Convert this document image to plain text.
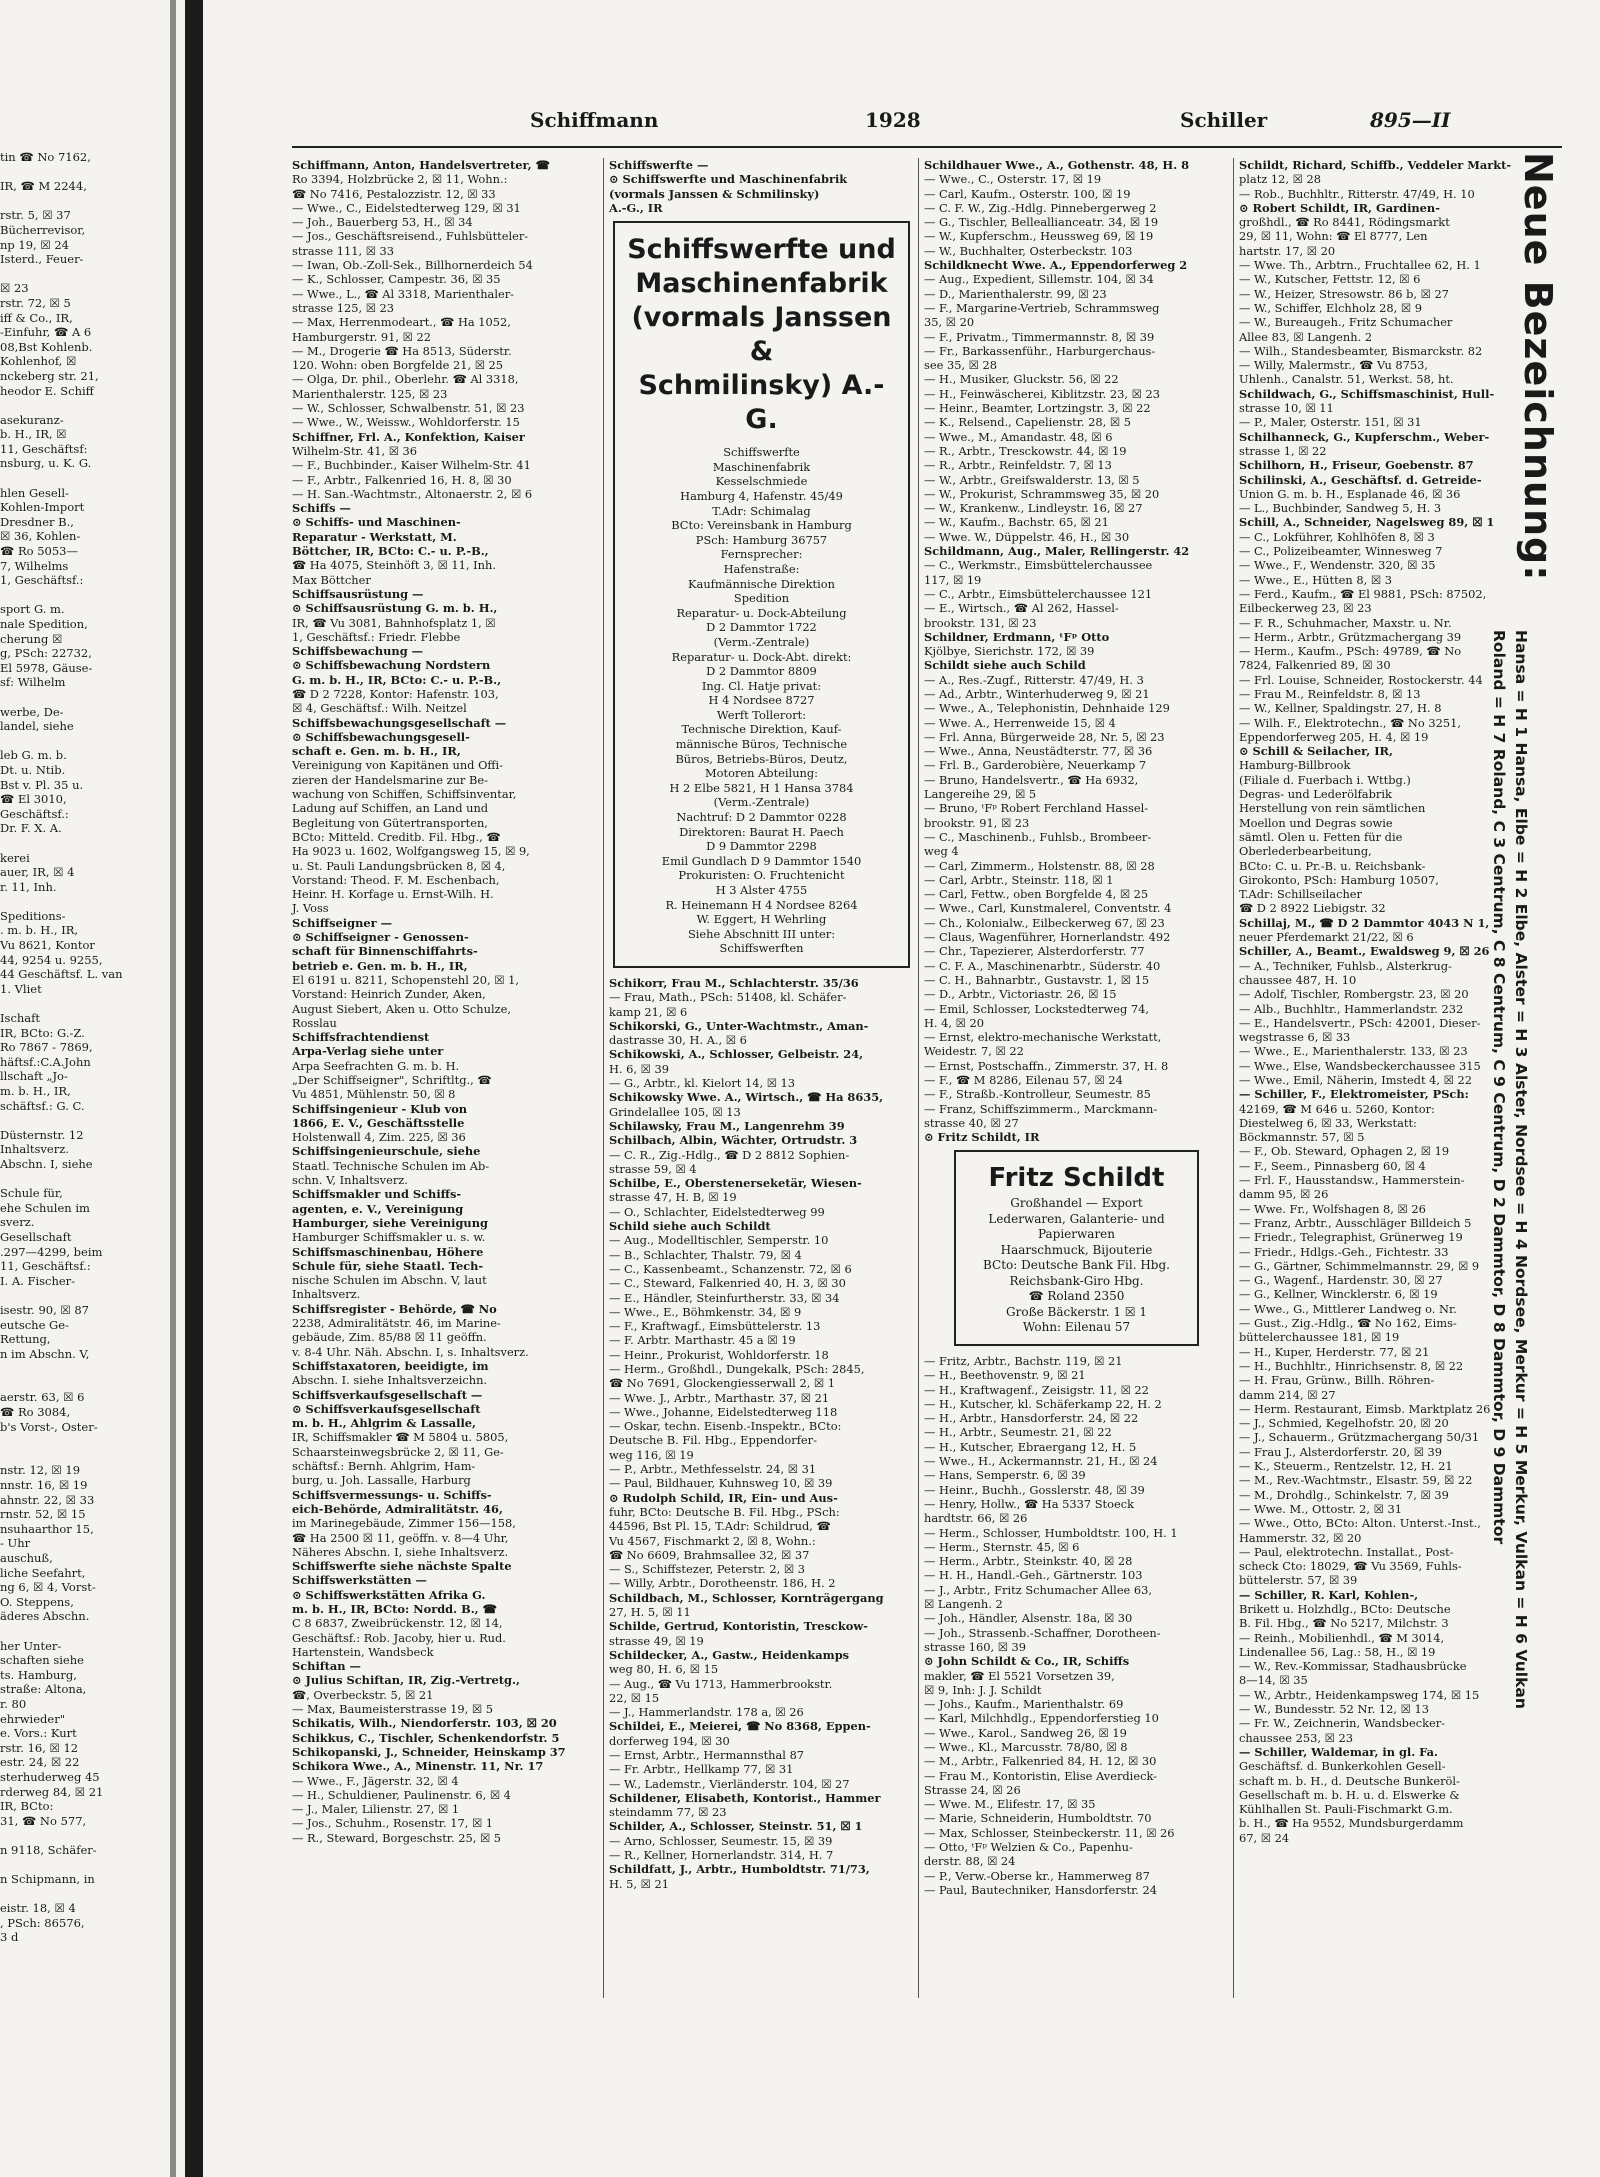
tin ☎ No 7162,

IR, ☎ M 2244,

rstr. 5, ☒ 37
Bücherrevisor,
np 19, ☒ 24
Isterd., Feuer-

☒ 23
rstr. 72, ☒ 5
iff & Co., IR,
-Einfuhr, ☎ A 6
08,Bst Kohlenb.
Kohlenhof, ☒
nckeberg str. 21,
heodor E. Schiff

asekuranz-
b. H., IR, ☒
11, Geschäftsf:
nsburg, u. K. G.

hlen Gesell-
Kohlen-Import
Dresdner B.,
☒ 36, Kohlen-
☎ Ro 5053—
7, Wilhelms
1, Geschäftsf.:

sport G. m.
nale Spedition,
cherung ☒
g, PSch: 22732,
El 5978, Gäuse-
sf: Wilhelm

werbe, De-
landel, siehe

leb G. m. b.
Dt. u. Ntib.
Bst v. Pl. 35 u.
☎ El 3010,
Geschäftsf.:
Dr. F. X. A.

kerei
auer, IR, ☒ 4
r. 11, Inh.

Speditions-
. m. b. H., IR,
Vu 8621, Kontor
44, 9254 u. 9255,
44 Geschäftsf. L. van
1. Vliet

Ischaft
IR, BCto: G.-Z.
Ro 7867 - 7869,
häftsf.:C.A.John
llschaft „Jo-
m. b. H., IR,
schäftsf.: G. C.

Düsternstr. 12
Inhaltsverz.
Abschn. I, siehe

Schule für,
ehe Schulen im
sverz.
Gesellschaft
.297—4299, beim
11, Geschäftsf.:
I. A. Fischer-

isestr. 90, ☒ 87
eutsche Ge-
Rettung,
n im Abschn. V,

aerstr. 63, ☒ 6
☎ Ro 3084,
b's Vorst-, Oster-

nstr. 12, ☒ 19
nnstr. 16, ☒ 19
ahnstr. 22, ☒ 33
rnstr. 52, ☒ 15
nsuhaarthor 15,
- Uhr
auschuß,
liche Seefahrt,
ng 6, ☒ 4, Vorst-
O. Steppens,
äderes Abschn.

her Unter-
schaften siehe
ts. Hamburg,
straße: Altona,
r. 80
ehrwieder"
e. Vors.: Kurt
rstr. 16, ☒ 12
estr. 24, ☒ 22
sterhuderweg 45
rderweg 84, ☒ 21
IR, BCto:
31, ☎ No 577,

n 9118, Schäfer-

n Schipmann, in

eistr. 18, ☒ 4
, PSch: 86576,
3 d
Schiffmann	1928	Schiller	895—II
Schiffmann, Anton, Handelsvertreter, ☎
Ro 3394, Holzbrücke 2, ☒ 11, Wohn.:
☎ No 7416, Pestalozzistr. 12, ☒ 33
— Wwe., C., Eidelstedterweg 129, ☒ 31
— Joh., Bauerberg 53, H., ☒ 34
— Jos., Geschäftsreisend., Fuhlsbütteler-
strasse 111, ☒ 33
— Iwan, Ob.-Zoll-Sek., Billhornerdeich 54
— K., Schlosser, Campestr. 36, ☒ 35
— Wwe., L., ☎ Al 3318, Marienthaler-
strasse 125, ☒ 23
— Max, Herrenmodeart., ☎ Ha 1052,
Hamburgerstr. 91, ☒ 22
— M., Drogerie ☎ Ha 8513, Süderstr.
120. Wohn: oben Borgfelde 21, ☒ 25
— Olga, Dr. phil., Oberlehr. ☎ Al 3318,
Marienthalerstr. 125, ☒ 23
— W., Schlosser, Schwalbenstr. 51, ☒ 23
— Wwe., W., Weissw., Wohldorferstr. 15
Schiffner, Frl. A., Konfektion, Kaiser
Wilhelm-Str. 41, ☒ 36
— F., Buchbinder., Kaiser Wilhelm-Str. 41
— F., Arbtr., Falkenried 16, H. 8, ☒ 30
— H. San.-Wachtmstr., Altonaerstr. 2, ☒ 6
Schiffs —
⊙ Schiffs- und Maschinen-
Reparatur - Werkstatt, M.
Böttcher, IR, BCto: C.- u. P.-B.,
☎ Ha 4075, Steinhöft 3, ☒ 11, Inh.
Max Böttcher
Schiffsausrüstung —
⊙ Schiffsausrüstung G. m. b. H.,
IR, ☎ Vu 3081, Bahnhofsplatz 1, ☒
1, Geschäftsf.: Friedr. Flebbe
Schiffsbewachung —
⊙ Schiffsbewachung Nordstern
G. m. b. H., IR, BCto: C.- u. P.-B.,
☎ D 2 7228, Kontor: Hafenstr. 103,
☒ 4, Geschäftsf.: Wilh. Neitzel
Schiffsbewachungsgesellschaft —
⊙ Schiffsbewachungsgesell-
schaft e. Gen. m. b. H., IR,
Vereinigung von Kapitänen und Offi-
zieren der Handelsmarine zur Be-
wachung von Schiffen, Schiffsinventar,
Ladung auf Schiffen, an Land und
Begleitung von Gütertransporten,
BCto: Mitteld. Creditb. Fil. Hbg., ☎
Ha 9023 u. 1602, Wolfgangsweg 15, ☒ 9,
u. St. Pauli Landungsbrücken 8, ☒ 4,
Vorstand: Theod. F. M. Eschenbach,
Heinr. H. Korfage u. Ernst-Wilh. H.
J. Voss
Schiffseigner —
⊙ Schiffseigner - Genossen-
schaft für Binnenschiffahrts-
betrieb e. Gen. m. b. H., IR,
El 6191 u. 8211, Schopenstehl 20, ☒ 1,
Vorstand: Heinrich Zunder, Aken,
August Siebert, Aken u. Otto Schulze,
Rosslau
Schiffsfrachtendienst
Arpa-Verlag siehe unter
Arpa Seefrachten G. m. b. H.
„Der Schiffseigner", Schriftltg., ☎
Vu 4851, Mühlenstr. 50, ☒ 8
Schiffsingenieur - Klub von
1866, E. V., Geschäftsstelle
Holstenwall 4, Zim. 225, ☒ 36
Schiffsingenieurschule, siehe
Staatl. Technische Schulen im Ab-
schn. V, Inhaltsverz.
Schiffsmakler und Schiffs-
agenten, e. V., Vereinigung
Hamburger, siehe Vereinigung
Hamburger Schiffsmakler u. s. w.
Schiffsmaschinenbau, Höhere
Schule für, siehe Staatl. Tech-
nische Schulen im Abschn. V, laut
Inhaltsverz.
Schiffsregister - Behörde, ☎ No
2238, Admiralitätstr. 46, im Marine-
gebäude, Zim. 85/88 ☒ 11 geöffn.
v. 8-4 Uhr. Näh. Abschn. I, s. Inhaltsverz.
Schiffstaxatoren, beeidigte, im
Abschn. I. siehe Inhaltsverzeichn.
Schiffsverkaufsgesellschaft —
⊙ Schiffsverkaufsgesellschaft
m. b. H., Ahlgrim & Lassalle,
IR, Schiffsmakler ☎ M 5804 u. 5805,
Schaarsteinwegsbrücke 2, ☒ 11, Ge-
schäftsf.: Bernh. Ahlgrim, Ham-
burg, u. Joh. Lassalle, Harburg
Schiffsvermessungs- u. Schiffs-
eich-Behörde, Admiralitätstr. 46,
im Marinegebäude, Zimmer 156—158,
☎ Ha 2500 ☒ 11, geöffn. v. 8—4 Uhr,
Näheres Abschn. I, siehe Inhaltsverz.
Schiffswerfte siehe nächste Spalte
Schiffswerkstätten —
⊙ Schiffswerkstätten Afrika G.
m. b. H., IR, BCto: Nordd. B., ☎
C 8 6837, Zweibrückenstr. 12, ☒ 14,
Geschäftsf.: Rob. Jacoby, hier u. Rud.
Hartenstein, Wandsbeck
Schiftan —
⊙ Julius Schiftan, IR, Zig.-Vertretg.,
☎, Overbeckstr. 5, ☒ 21
— Max, Baumeisterstrasse 19, ☒ 5
Schikatis, Wilh., Niendorferstr. 103, ☒ 20
Schikkus, C., Tischler, Schenkendorfstr. 5
Schikopanski, J., Schneider, Heinskamp 37
Schikora Wwe., A., Minenstr. 11, Nr. 17
— Wwe., F., Jägerstr. 32, ☒ 4
— H., Schuldiener, Paulinenstr. 6, ☒ 4
— J., Maler, Lilienstr. 27, ☒ 1
— Jos., Schuhm., Rosenstr. 17, ☒ 1
— R., Steward, Borgeschstr. 25, ☒ 5
Schiffswerfte —
⊙ Schiffswerfte und Maschinenfabrik
(vormals Janssen & Schmilinsky)
A.-G., IR
Schiffswerfte und
Maschinenfabrik
(vormals Janssen &
Schmilinsky) A.-G.
Schiffswerfte
Maschinenfabrik
Kesselschmiede
Hamburg 4, Hafenstr. 45/49
T.Adr: Schimalag
BCto: Vereinsbank in Hamburg
PSch: Hamburg 36757
Fernsprecher:
Hafenstraße:
Kaufmännische Direktion
Spedition
Reparatur- u. Dock-Abteilung
D 2 Dammtor 1722
(Verm.-Zentrale)
Reparatur- u. Dock-Abt. direkt:
D 2 Dammtor 8809
Ing. Cl. Hatje privat:
H 4 Nordsee 8727
Werft Tollerort:
Technische Direktion, Kauf-
männische Büros, Technische
Büros, Betriebs-Büros, Deutz,
Motoren Abteilung:
H 2 Elbe 5821, H 1 Hansa 3784
(Verm.-Zentrale)
Nachtruf: D 2 Dammtor 0228
Direktoren: Baurat H. Paech
D 9 Dammtor 2298
Emil Gundlach D 9 Dammtor 1540
Prokuristen: O. Fruchtenicht
H 3 Alster 4755
R. Heinemann H 4 Nordsee 8264
W. Eggert, H Wehrling
Siehe Abschnitt III unter:
Schiffswerften
Schikorr, Frau M., Schlachterstr. 35/36
— Frau, Math., PSch: 51408, kl. Schäfer-
kamp 21, ☒ 6
Schikorski, G., Unter-Wachtmstr., Aman-
dastrasse 30, H. A., ☒ 6
Schikowski, A., Schlosser, Gelbeistr. 24,
H. 6, ☒ 39
— G., Arbtr., kl. Kielort 14, ☒ 13
Schikowsky Wwe. A., Wirtsch., ☎ Ha 8635,
Grindelallee 105, ☒ 13
Schilawsky, Frau M., Langenrehm 39
Schilbach, Albin, Wächter, Ortrudstr. 3
— C. R., Zig.-Hdlg., ☎ D 2 8812 Sophien-
strasse 59, ☒ 4
Schilbe, E., Oberstenerseketär, Wiesen-
strasse 47, H. B, ☒ 19
— O., Schlachter, Eidelstedterweg 99
Schild siehe auch Schildt
— Aug., Modelltischler, Semperstr. 10
— B., Schlachter, Thalstr. 79, ☒ 4
— C., Kassenbeamt., Schanzenstr. 72, ☒ 6
— C., Steward, Falkenried 40, H. 3, ☒ 30
— E., Händler, Steinfurtherstr. 33, ☒ 34
— Wwe., E., Böhmkenstr. 34, ☒ 9
— F., Kraftwagf., Eimsbüttelerstr. 13
— F. Arbtr. Marthastr. 45 a ☒ 19
— Heinr., Prokurist, Wohldorferstr. 18
— Herm., Großhdl., Dungekalk, PSch: 2845,
☎ No 7691, Glockengiesserwall 2, ☒ 1
— Wwe. J., Arbtr., Marthastr. 37, ☒ 21
— Wwe., Johanne, Eidelstedterweg 118
— Oskar, techn. Eisenb.-Inspektr., BCto:
Deutsche B. Fil. Hbg., Eppendorfer-
weg 116, ☒ 19
— P., Arbtr., Methfesselstr. 24, ☒ 31
— Paul, Bildhauer, Kuhnsweg 10, ☒ 39
⊙ Rudolph Schild, IR, Ein- und Aus-
fuhr, BCto: Deutsche B. Fil. Hbg., PSch:
44596, Bst Pl. 15, T.Adr: Schildrud, ☎
Vu 4567, Fischmarkt 2, ☒ 8, Wohn.:
☎ No 6609, Brahmsallee 32, ☒ 37
— S., Schiffstezer, Peterstr. 2, ☒ 3
— Willy, Arbtr., Dorotheenstr. 186, H. 2
Schildbach, M., Schlosser, Kornträgergang
27, H. 5, ☒ 11
Schilde, Gertrud, Kontoristin, Tresckow-
strasse 49, ☒ 19
Schildecker, A., Gastw., Heidenkamps
weg 80, H. 6, ☒ 15
— Aug., ☎ Vu 1713, Hammerbrookstr.
22, ☒ 15
— J., Hammerlandstr. 178 a, ☒ 26
Schildei, E., Meierei, ☎ No 8368, Eppen-
dorferweg 194, ☒ 30
— Ernst, Arbtr., Hermannsthal 87
— Fr. Arbtr., Hellkamp 77, ☒ 31
— W., Lademstr., Vierländerstr. 104, ☒ 27
Schildener, Elisabeth, Kontorist., Hammer
steindamm 77, ☒ 23
Schilder, A., Schlosser, Steinstr. 51, ☒ 1
— Arno, Schlosser, Seumestr. 15, ☒ 39
— R., Kellner, Hornerlandstr. 314, H. 7
Schildfatt, J., Arbtr., Humboldtstr. 71/73,
H. 5, ☒ 21
Schildhauer Wwe., A., Gothenstr. 48, H. 8
— Wwe., C., Osterstr. 17, ☒ 19
— Carl, Kaufm., Osterstr. 100, ☒ 19
— C. F. W., Zig.-Hdlg. Pinnebergerweg 2
— G., Tischler, Belleallianceatr. 34, ☒ 19
— W., Kupferschm., Heussweg 69, ☒ 19
— W., Buchhalter, Osterbeckstr. 103
Schildknecht Wwe. A., Eppendorferweg 2
— Aug., Expedient, Sillemstr. 104, ☒ 34
— D., Marienthalerstr. 99, ☒ 23
— F., Margarine-Vertrieb, Schrammsweg
35, ☒ 20
— F., Privatm., Timmermannstr. 8, ☒ 39
— Fr., Barkassenführ., Harburgerchaus-
see 35, ☒ 28
— H., Musiker, Gluckstr. 56, ☒ 22
— H., Feinwäscherei, Kiblitzstr. 23, ☒ 23
— Heinr., Beamter, Lortzingstr. 3, ☒ 22
— K., Relsend., Capelienstr. 28, ☒ 5
— Wwe., M., Amandastr. 48, ☒ 6
— R., Arbtr., Tresckowstr. 44, ☒ 19
— R., Arbtr., Reinfeldstr. 7, ☒ 13
— W., Arbtr., Greifswalderstr. 13, ☒ 5
— W., Prokurist, Schrammsweg 35, ☒ 20
— W., Krankenw., Lindleystr. 16, ☒ 27
— W., Kaufm., Bachstr. 65, ☒ 21
— Wwe. W., Düppelstr. 46, H., ☒ 30
Schildmann, Aug., Maler, Rellingerstr. 42
— C., Werkmstr., Eimsbüttelerchaussee
117, ☒ 19
— C., Arbtr., Eimsbüttelerchaussee 121
— E., Wirtsch., ☎ Al 262, Hassel-
brookstr. 131, ☒ 23
Schildner, Erdmann, ᵗFᵖ Otto
Kjölbye, Sierichstr. 172, ☒ 39
Schildt siehe auch Schild
— A., Res.-Zugf., Ritterstr. 47/49, H. 3
— Ad., Arbtr., Winterhuderweg 9, ☒ 21
— Wwe., A., Telephonistin, Dehnhaide 129
— Wwe. A., Herrenweide 15, ☒ 4
— Frl. Anna, Bürgerweide 28, Nr. 5, ☒ 23
— Wwe., Anna, Neustädterstr. 77, ☒ 36
— Frl. B., Garderobière, Neuerkamp 7
— Bruno, Handelsvertr., ☎ Ha 6932,
Langereihe 29, ☒ 5
— Bruno, ᵗFᵖ Robert Ferchland Hassel-
brookstr. 91, ☒ 23
— C., Maschinenb., Fuhlsb., Brombeer-
weg 4
— Carl, Zimmerm., Holstenstr. 88, ☒ 28
— Carl, Arbtr., Steinstr. 118, ☒ 1
— Carl, Fettw., oben Borgfelde 4, ☒ 25
— Wwe., Carl, Kunstmalerel, Conventstr. 4
— Ch., Kolonialw., Eilbeckerweg 67, ☒ 23
— Claus, Wagenführer, Hornerlandstr. 492
— Chr., Tapezierer, Alsterdorferstr. 77
— C. F. A., Maschinenarbtr., Süderstr. 40
— C. H., Bahnarbtr., Gustavstr. 1, ☒ 15
— D., Arbtr., Victoriastr. 26, ☒ 15
— Emil, Schlosser, Lockstedterweg 74,
H. 4, ☒ 20
— Ernst, elektro-mechanische Werkstatt,
Weidestr. 7, ☒ 22
— Ernst, Postschaffn., Zimmerstr. 37, H. 8
— F., ☎ M 8286, Eilenau 57, ☒ 24
— F., Straßb.-Kontrolleur, Seumestr. 85
— Franz, Schiffszimmerm., Marckmann-
strasse 40, ☒ 27
⊙ Fritz Schildt, IR
Fritz Schildt
Großhandel — Export
Lederwaren, Galanterie- und
Papierwaren
Haarschmuck, Bijouterie
BCto: Deutsche Bank Fil. Hbg.
Reichsbank-Giro Hbg.
☎ Roland 2350
Große Bäckerstr. 1 ☒ 1
Wohn: Eilenau 57
— Fritz, Arbtr., Bachstr. 119, ☒ 21
— H., Beethovenstr. 9, ☒ 21
— H., Kraftwagenf., Zeisigstr. 11, ☒ 22
— H., Kutscher, kl. Schäferkamp 22, H. 2
— H., Arbtr., Hansdorferstr. 24, ☒ 22
— H., Arbtr., Seumestr. 21, ☒ 22
— H., Kutscher, Ebraergang 12, H. 5
— Wwe., H., Ackermannstr. 21, H., ☒ 24
— Hans, Semperstr. 6, ☒ 39
— Heinr., Buchh., Gosslerstr. 48, ☒ 39
— Henry, Hollw., ☎ Ha 5337 Stoeck
hardtstr. 66, ☒ 26
— Herm., Schlosser, Humboldtstr. 100, H. 1
— Herm., Sternstr. 45, ☒ 6
— Herm., Arbtr., Steinkstr. 40, ☒ 28
— H. H., Handl.-Geh., Gärtnerstr. 103
— J., Arbtr., Fritz Schumacher Allee 63,
☒ Langenh. 2
— Joh., Händler, Alsenstr. 18a, ☒ 30
— Joh., Strassenb.-Schaffner, Dorotheen-
strasse 160, ☒ 39
⊙ John Schildt & Co., IR, Schiffs
makler, ☎ El 5521 Vorsetzen 39,
☒ 9, Inh: J. J. Schildt
— Johs., Kaufm., Marienthalstr. 69
— Karl, Milchhdlg., Eppendorferstieg 10
— Wwe., Karol., Sandweg 26, ☒ 19
— Wwe., Kl., Marcusstr. 78/80, ☒ 8
— M., Arbtr., Falkenried 84, H. 12, ☒ 30
— Frau M., Kontoristin, Elise Averdieck-
Strasse 24, ☒ 26
— Wwe. M., Elifestr. 17, ☒ 35
— Marie, Schneiderin, Humboldtstr. 70
— Max, Schlosser, Steinbeckerstr. 11, ☒ 26
— Otto, ᵗFᵖ Welzien & Co., Papenhu-
derstr. 88, ☒ 24
— P., Verw.-Oberse kr., Hammerweg 87
— Paul, Bautechniker, Hansdorferstr. 24
Schildt, Richard, Schiffb., Veddeler Markt-
platz 12, ☒ 28
— Rob., Buchhltr., Ritterstr. 47/49, H. 10
⊙ Robert Schildt, IR, Gardinen-
großhdl., ☎ Ro 8441, Rödingsmarkt
29, ☒ 11, Wohn: ☎ El 8777, Len
hartstr. 17, ☒ 20
— Wwe. Th., Arbtrn., Fruchtallee 62, H. 1
— W., Kutscher, Fettstr. 12, ☒ 6
— W., Heizer, Stresowstr. 86 b, ☒ 27
— W., Schiffer, Elchholz 28, ☒ 9
— W., Bureaugeh., Fritz Schumacher
Allee 83, ☒ Langenh. 2
— Wilh., Standesbeamter, Bismarckstr. 82
— Willy, Malermstr., ☎ Vu 8753,
Uhlenh., Canalstr. 51, Werkst. 58, ht.
Schildwach, G., Schiffsmaschinist, Hull-
strasse 10, ☒ 11
— P., Maler, Osterstr. 151, ☒ 31
Schilhanneck, G., Kupferschm., Weber-
strasse 1, ☒ 22
Schilhorn, H., Friseur, Goebenstr. 87
Schilinski, A., Geschäftsf. d. Getreide-
Union G. m. b. H., Esplanade 46, ☒ 36
— L., Buchbinder, Sandweg 5, H. 3
Schill, A., Schneider, Nagelsweg 89, ☒ 1
— C., Lokführer, Kohlhöfen 8, ☒ 3
— C., Polizeibeamter, Winnesweg 7
— Wwe., F., Wendenstr. 320, ☒ 35
— Wwe., E., Hütten 8, ☒ 3
— Ferd., Kaufm., ☎ El 9881, PSch: 87502,
Eilbeckerweg 23, ☒ 23
— F. R., Schuhmacher, Maxstr. u. Nr.
— Herm., Arbtr., Grützmachergang 39
— Herm., Kaufm., PSch: 49789, ☎ No
7824, Falkenried 89, ☒ 30
— Frl. Louise, Schneider, Rostockerstr. 44
— Frau M., Reinfeldstr. 8, ☒ 13
— W., Kellner, Spaldingstr. 27, H. 8
— Wilh. F., Elektrotechn., ☎ No 3251,
Eppendorferweg 205, H. 4, ☒ 19
⊙ Schill & Seilacher, IR,
Hamburg-Billbrook
(Filiale d. Fuerbach i. Wttbg.)
Degras- und Lederölfabrik
Herstellung von rein sämtlichen
Moellon und Degras sowie
sämtl. Olen u. Fetten für die
Oberlederbearbeitung,
BCto: C. u. Pr.-B. u. Reichsbank-
Girokonto, PSch: Hamburg 10507,
T.Adr: Schillseilacher
☎ D 2 8922 Liebigstr. 32
Schillaj, M., ☎ D 2 Dammtor 4043 N 1,
neuer Pferdemarkt 21/22, ☒ 6
Schiller, A., Beamt., Ewaldsweg 9, ☒ 26
— A., Techniker, Fuhlsb., Alsterkrug-
chaussee 487, H. 10
— Adolf, Tischler, Rombergstr. 23, ☒ 20
— Alb., Buchhltr., Hammerlandstr. 232
— E., Handelsvertr., PSch: 42001, Dieser-
wegstrasse 6, ☒ 33
— Wwe., E., Marienthalerstr. 133, ☒ 23
— Wwe., Else, Wandsbeckerchaussee 315
— Wwe., Emil, Näherin, Imstedt 4, ☒ 22
— Schiller, F., Elektromeister, PSch:
42169, ☎ M 646 u. 5260, Kontor:
Diestelweg 6, ☒ 33, Werkstatt:
Böckmannstr. 57, ☒ 5
— F., Ob. Steward, Ophagen 2, ☒ 19
— F., Seem., Pinnasberg 60, ☒ 4
— Frl. F., Hausstandsw., Hammerstein-
damm 95, ☒ 26
— Wwe. Fr., Wolfshagen 8, ☒ 26
— Franz, Arbtr., Ausschläger Billdeich 5
— Friedr., Telegraphist, Grünerweg 19
— Friedr., Hdlgs.-Geh., Fichtestr. 33
— G., Gärtner, Schimmelmannstr. 29, ☒ 9
— G., Wagenf., Hardenstr. 30, ☒ 27
— G., Kellner, Wincklerstr. 6, ☒ 19
— Wwe., G., Mittlerer Landweg o. Nr.
— Gust., Zig.-Hdlg., ☎ No 162, Eims-
büttelerchaussee 181, ☒ 19
— H., Kuper, Herderstr. 77, ☒ 21
— H., Buchhltr., Hinrichsenstr. 8, ☒ 22
— H. Frau, Grünw., Billh. Röhren-
damm 214, ☒ 27
— Herm. Restaurant, Eimsb. Marktplatz 26
— J., Schmied, Kegelhofstr. 20, ☒ 20
— J., Schauerm., Grützmachergang 50/31
— Frau J., Alsterdorferstr. 20, ☒ 39
— K., Steuerm., Rentzelstr. 12, H. 21
— M., Rev.-Wachtmstr., Elsastr. 59, ☒ 22
— M., Drohdlg., Schinkelstr. 7, ☒ 39
— Wwe. M., Ottostr. 2, ☒ 31
— Wwe., Otto, BCto: Alton. Unterst.-Inst.,
Hammerstr. 32, ☒ 20
— Paul, elektrotechn. Installat., Post-
scheck Cto: 18029, ☎ Vu 3569, Fuhls-
büttelerstr. 57, ☒ 39
— Schiller, R. Karl, Kohlen-,
Brikett u. Holzhdlg., BCto: Deutsche
B. Fil. Hbg., ☎ No 5217, Milchstr. 3
— Reinh., Mobilienhdl., ☎ M 3014,
Lindenallee 56, Lag.: 58, H., ☒ 19
— W., Rev.-Kommissar, Stadhausbrücke
8—14, ☒ 35
— W., Arbtr., Heidenkampsweg 174, ☒ 15
— W., Bundesstr. 52 Nr. 12, ☒ 13
— Fr. W., Zeichnerin, Wandsbecker-
chaussee 253, ☒ 23
— Schiller, Waldemar, in gl. Fa.
Geschäftsf. d. Bunkerkohlen Gesell-
schaft m. b. H., d. Deutsche Bunkeröl-
Gesellschaft m. b. H. u. d. Elswerke &
Kühlhallen St. Pauli-Fischmarkt G.m.
b. H., ☎ Ha 9552, Mundsburgerdamm
67, ☒ 24
Neue Bezeichnung:
Hansa = H 1 Hansa, Elbe = H 2 Elbe, Alster = H 3 Alster, Nordsee = H 4 Nordsee, Merkur = H 5 Merkur, Vulkan = H 6 Vulkan
Roland = H 7 Roland, C 3 Centrum, C 8 Centrum, C 9 Centrum, D 2 Dammtor, D 8 Dammtor, D 9 Dammtor
